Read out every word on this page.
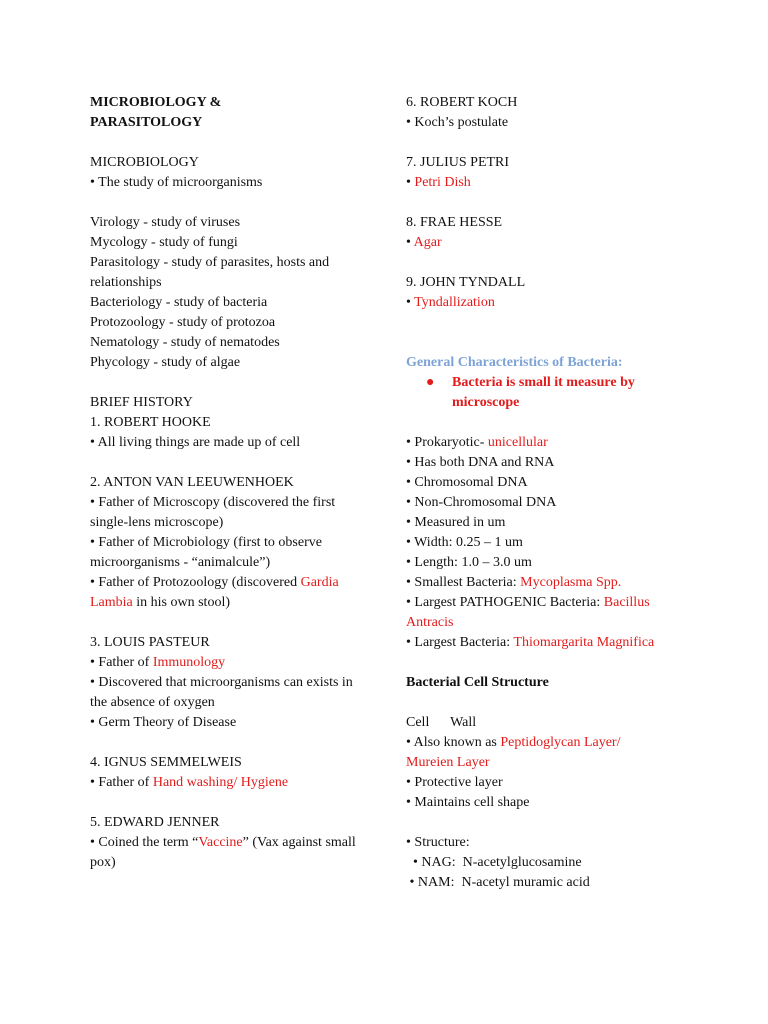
MICROBIOLOGY &

PARASITOLOGY

MICROBIOLOGY

• The study of microorganisms

Virology - study of viruses

Mycology - study of fungi

Parasitology - study of parasites, hosts and relationships

Bacteriology - study of bacteria

Protozoology - study of protozoa

Nematology - study of nematodes

Phycology - study of algae

BRIEF HISTORY

1. ROBERT HOOKE

• All living things are made up of cell

2. ANTON VAN LEEUWENHOEK

• Father of Microscopy (discovered the first single-lens microscope)

• Father of Microbiology (first to observe microorganisms - “animalcule”)

• Father of Protozoology (discovered Gardia Lambia in his own stool)

3. LOUIS PASTEUR

• Father of Immunology

• Discovered that microorganisms can exists in the absence of oxygen

• Germ Theory of Disease

4. IGNUS SEMMELWEIS

• Father of Hand washing/ Hygiene

5. EDWARD JENNER

• Coined the term “Vaccine” (Vax against small pox)

6. ROBERT KOCH

• Koch’s postulate

7. JULIUS PETRI

• Petri Dish

8. FRAE HESSE

• Agar

9. JOHN TYNDALL

• Tyndallization

General Characteristics of Bacteria:

● Bacteria is small it measure by microscope

• Prokaryotic- unicellular

• Has both DNA and RNA

• Chromosomal DNA

• Non-Chromosomal DNA

• Measured in um

• Width: 0.25 – 1 um

• Length: 1.0 – 3.0 um

• Smallest Bacteria: Mycoplasma Spp.

• Largest PATHOGENIC Bacteria: Bacillus Antracis

• Largest Bacteria: Thiomargarita Magnifica

Bacterial Cell Structure

Cell      Wall

• Also known as Peptidoglycan Layer/ Mureien Layer

• Protective layer

• Maintains cell shape

• Structure:

• NAG:  N-acetylglucosamine

• NAM:  N-acetyl muramic acid
